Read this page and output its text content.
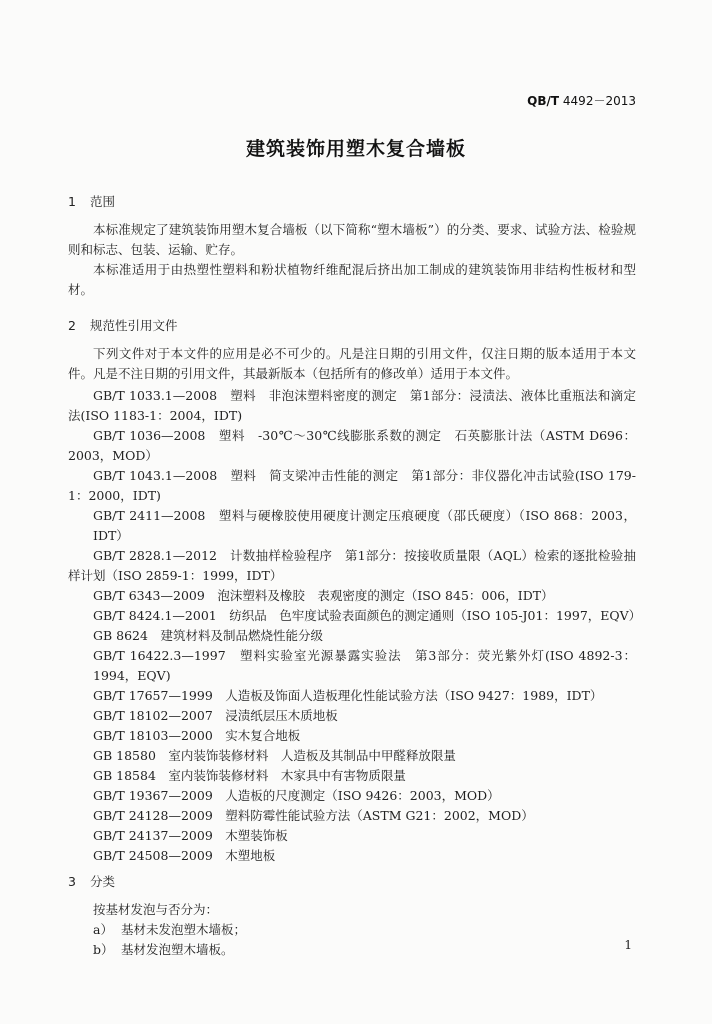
QB/T 4492－2013
建筑装饰用塑木复合墙板
1 范围

本标准规定了建筑装饰用塑木复合墙板（以下简称“塑木墙板”）的分类、要求、试验方法、检验规则和标志、包装、运输、贮存。

本标准适用于由热塑性塑料和粉状植物纤维配混后挤出加工制成的建筑装饰用非结构性板材和型材。

2 规范性引用文件

下列文件对于本文件的应用是必不可少的。凡是注日期的引用文件，仅注日期的版本适用于本文件。凡是不注日期的引用文件，其最新版本（包括所有的修改单）适用于本文件。

GB/T 1033.1—2008　塑料　非泡沫塑料密度的测定　第1部分：浸渍法、液体比重瓶法和滴定法(ISO 1183-1：2004，IDT)

GB/T 1036—2008　塑料　-30℃～30℃线膨胀系数的测定　石英膨胀计法（ASTM D696：2003，MOD）

GB/T 1043.1—2008　塑料　简支梁冲击性能的测定　第1部分：非仪器化冲击试验(ISO 179-1：2000，IDT)

GB/T 2411—2008　塑料与硬橡胶使用硬度计测定压痕硬度（邵氏硬度）（ISO 868：2003，IDT）

GB/T 2828.1—2012　计数抽样检验程序　第1部分：按接收质量限（AQL）检索的逐批检验抽样计划（ISO 2859-1：1999，IDT）

GB/T 6343—2009　泡沫塑料及橡胶　表观密度的测定（ISO 845：006，IDT）

GB/T 8424.1—2001　纺织品　色牢度试验表面颜色的测定通则（ISO 105-J01：1997，EQV）

GB 8624　建筑材料及制品燃烧性能分级

GB/T 16422.3—1997　塑料实验室光源暴露实验法　第3部分：荧光紫外灯(ISO 4892-3：1994，EQV)

GB/T 17657—1999　人造板及饰面人造板理化性能试验方法（ISO 9427：1989，IDT）

GB/T 18102—2007　浸渍纸层压木质地板

GB/T 18103—2000　实木复合地板

GB 18580　室内装饰装修材料　人造板及其制品中甲醛释放限量

GB 18584　室内装饰装修材料　木家具中有害物质限量

GB/T 19367—2009　人造板的尺度测定（ISO 9426：2003，MOD）

GB/T 24128—2009　塑料防霉性能试验方法（ASTM G21：2002，MOD）

GB/T 24137—2009　木塑装饰板

GB/T 24508—2009　木塑地板

3 分类

按基材发泡与否分为：

a） 基材未发泡塑木墙板；
b） 基材发泡塑木墙板。	1
